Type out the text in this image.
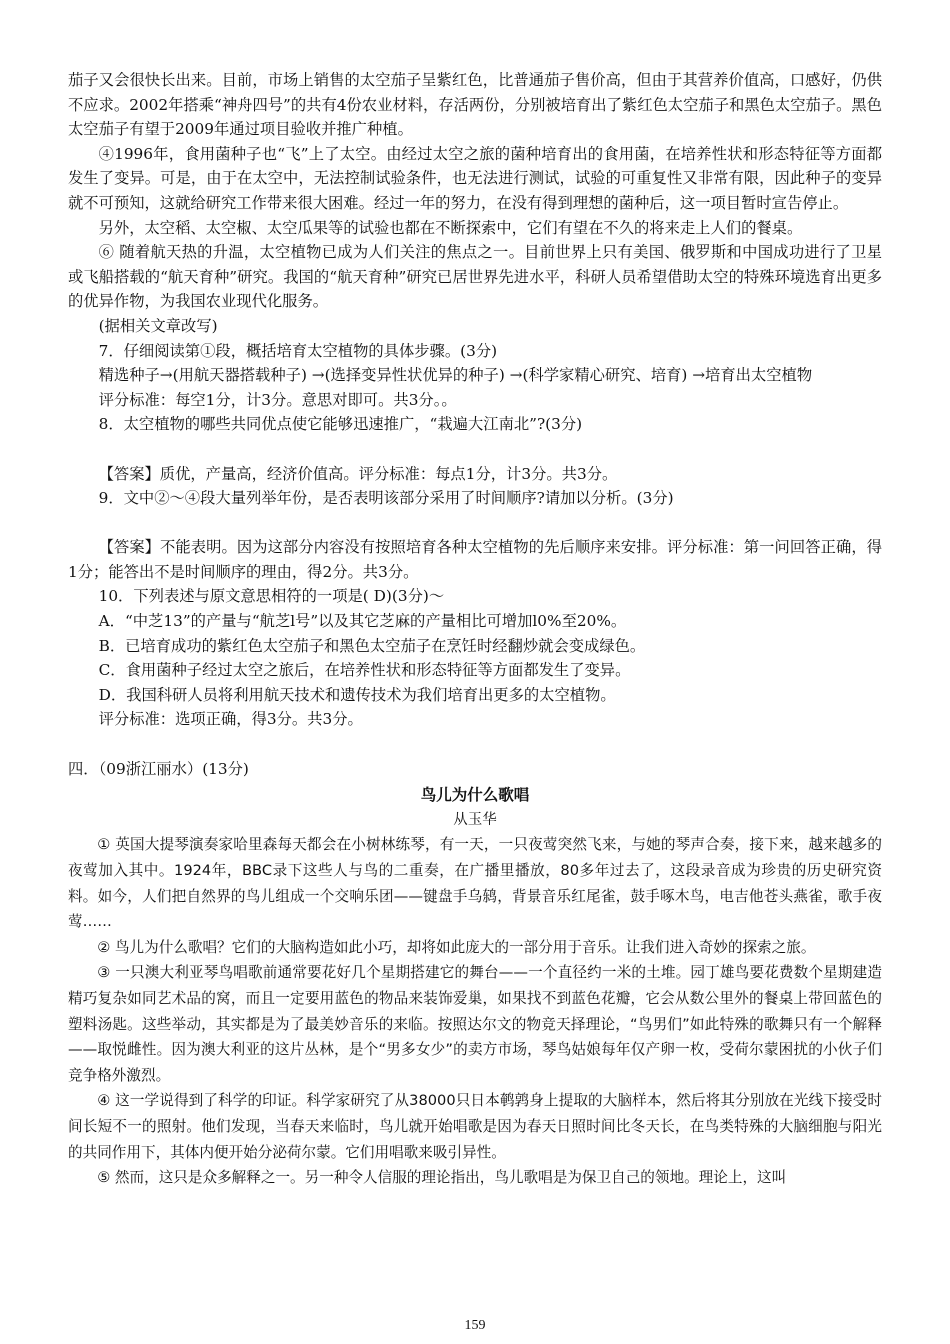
茄子又会很快长出来。目前，市场上销售的太空茄子呈紫红色，比普通茄子售价高，但由于其营养价值高，口感好，仍供不应求。2002年搭乘“神舟四号”的共有4份农业材料，存活两份，分别被培育出了紫红色太空茄子和黑色太空茄子。黑色太空茄子有望于2009年通过项目验收并推广种植。

④1996年，食用菌种子也“飞”上了太空。由经过太空之旅的菌种培育出的食用菌，在培养性状和形态特征等方面都发生了变异。可是，由于在太空中，无法控制试验条件，也无法进行测试，试验的可重复性又非常有限，因此种子的变异就不可预知，这就给研究工作带来很大困难。经过一年的努力，在没有得到理想的菌种后，这一项目暂时宣告停止。

另外，太空稻、太空椒、太空瓜果等的试验也都在不断探索中，它们有望在不久的将来走上人们的餐桌。

⑥ 随着航天热的升温，太空植物已成为人们关注的焦点之一。目前世界上只有美国、俄罗斯和中国成功进行了卫星或飞船搭载的“航天育种”研究。我国的“航天育种”研究已居世界先进水平，科研人员希望借助太空的特殊环境选育出更多的优异作物，为我国农业现代化服务。

(据相关文章改写)

7．仔细阅读第①段，概括培育太空植物的具体步骤。(3分)

精选种子→(用航天器搭载种子) →(选择变异性状优异的种子) →(科学家精心研究、培育) →培育出太空植物

评分标准：每空1分，计3分。意思对即可。共3分。。

8．太空植物的哪些共同优点使它能够迅速推广，“栽遍大江南北”?(3分)

【答案】质优，产量高，经济价值高。评分标准：每点1分，计3分。共3分。

9．文中②～④段大量列举年份，是否表明该部分采用了时间顺序?请加以分析。(3分)

【答案】不能表明。因为这部分内容没有按照培育各种太空植物的先后顺序来安排。评分标准：第一问回答正确，得1分；能答出不是时间顺序的理由，得2分。共3分。

10．下列表述与原文意思相符的一项是( D)(3分)～

A．“中芝13”的产量与“航芝l号”以及其它芝麻的产量相比可增加l0%至20%。

B．已培育成功的紫红色太空茄子和黑色太空茄子在烹饪时经翻炒就会变成绿色。

C．食用菌种子经过太空之旅后，在培养性状和形态特征等方面都发生了变异。

D．我国科研人员将利用航天技术和遗传技术为我们培育出更多的太空植物。

评分标准：选项正确，得3分。共3分。

四．（09浙江丽水）(13分)

鸟儿为什么歌唱

从玉华

① 英国大提琴演奏家哈里森每天都会在小树林练琴，有一天，一只夜莺突然飞来，与她的琴声合奏，接下来，越来越多的夜莺加入其中。1924年，BBC录下这些人与鸟的二重奏，在广播里播放，80多年过去了，这段录音成为珍贵的历史研究资料。如今，人们把自然界的鸟儿组成一个交响乐团——键盘手乌鸫，背景音乐红尾雀，鼓手啄木鸟，电吉他苍头燕雀，歌手夜莺……

② 鸟儿为什么歌唱？它们的大脑构造如此小巧，却将如此庞大的一部分用于音乐。让我们进入奇妙的探索之旅。

③ 一只澳大利亚琴鸟唱歌前通常要花好几个星期搭建它的舞台——一个直径约一米的土堆。园丁雄鸟要花费数个星期建造精巧复杂如同艺术品的窝，而且一定要用蓝色的物品来装饰爱巢，如果找不到蓝色花瓣，它会从数公里外的餐桌上带回蓝色的塑料汤匙。这些举动，其实都是为了最美妙音乐的来临。按照达尔文的物竞天择理论，“鸟男们”如此特殊的歌舞只有一个解释——取悦雌性。因为澳大利亚的这片丛林，是个“男多女少”的卖方市场，琴鸟姑娘每年仅产卵一枚，受荷尔蒙困扰的小伙子们竞争格外激烈。

④ 这一学说得到了科学的印证。科学家研究了从38000只日本鹌鹑身上提取的大脑样本，然后将其分别放在光线下接受时间长短不一的照射。他们发现，当春天来临时，鸟儿就开始唱歌是因为春天日照时间比冬天长，在鸟类特殊的大脑细胞与阳光的共同作用下，其体内便开始分泌荷尔蒙。它们用唱歌来吸引异性。

⑤ 然而，这只是众多解释之一。另一种令人信服的理论指出，鸟儿歌唱是为保卫自己的领地。理论上，这叫

159
